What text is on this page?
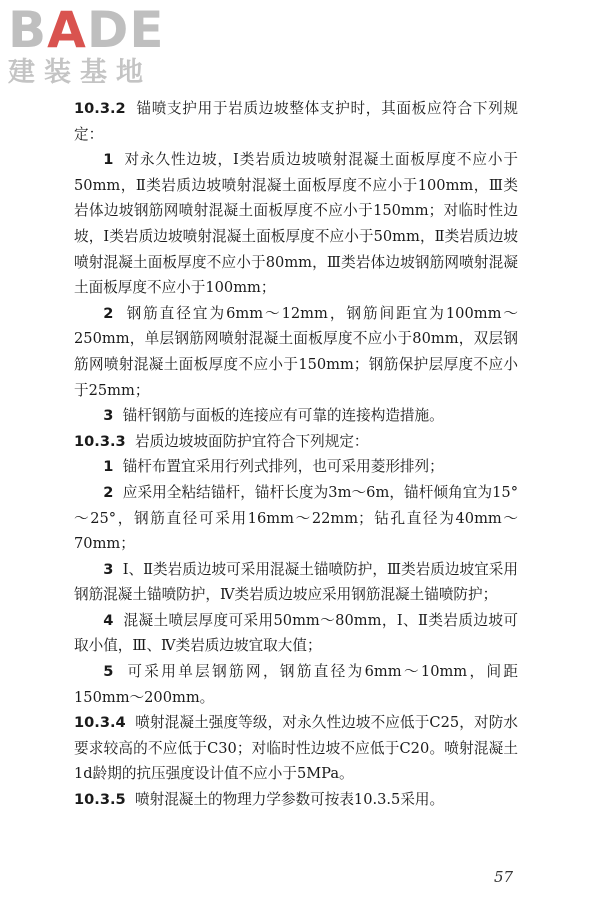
BADE
建装基地

10.3.2 锚喷支护用于岩质边坡整体支护时，其面板应符合下列规定：

1 对永久性边坡，Ⅰ类岩质边坡喷射混凝土面板厚度不应小于50mm，Ⅱ类岩质边坡喷射混凝土面板厚度不应小于100mm，Ⅲ类岩体边坡钢筋网喷射混凝土面板厚度不应小于150mm；对临时性边坡，Ⅰ类岩质边坡喷射混凝土面板厚度不应小于50mm，Ⅱ类岩质边坡喷射混凝土面板厚度不应小于80mm，Ⅲ类岩体边坡钢筋网喷射混凝土面板厚度不应小于100mm；

2 钢筋直径宜为6mm～12mm，钢筋间距宜为100mm～250mm，单层钢筋网喷射混凝土面板厚度不应小于80mm，双层钢筋网喷射混凝土面板厚度不应小于150mm；钢筋保护层厚度不应小于25mm；

3 锚杆钢筋与面板的连接应有可靠的连接构造措施。

10.3.3 岩质边坡坡面防护宜符合下列规定：

1 锚杆布置宜采用行列式排列，也可采用菱形排列；

2 应采用全粘结锚杆，锚杆长度为3m～6m，锚杆倾角宜为15°～25°，钢筋直径可采用16mm～22mm；钻孔直径为40mm～70mm；

3 Ⅰ、Ⅱ类岩质边坡可采用混凝土锚喷防护，Ⅲ类岩质边坡宜采用钢筋混凝土锚喷防护，Ⅳ类岩质边坡应采用钢筋混凝土锚喷防护；

4 混凝土喷层厚度可采用50mm～80mm，Ⅰ、Ⅱ类岩质边坡可取小值，Ⅲ、Ⅳ类岩质边坡宜取大值；

5 可采用单层钢筋网，钢筋直径为6mm～10mm，间距150mm～200mm。

10.3.4 喷射混凝土强度等级，对永久性边坡不应低于C25，对防水要求较高的不应低于C30；对临时性边坡不应低于C20。喷射混凝土1d龄期的抗压强度设计值不应小于5MPa。

10.3.5 喷射混凝土的物理力学参数可按表10.3.5采用。

57
